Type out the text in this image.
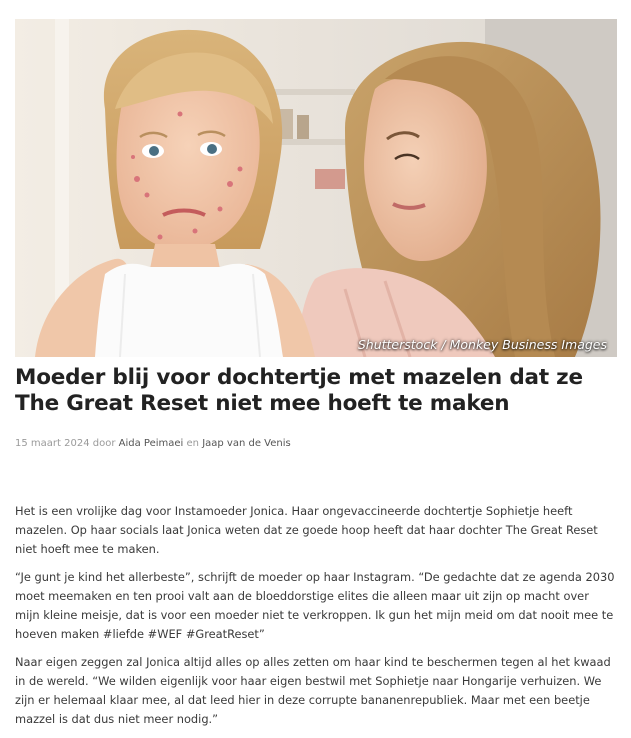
Shutterstock / Monkey Business Images
Moeder blij voor dochtertje met mazelen dat ze The Great Reset niet mee hoeft te maken
15 maart 2024 door Aida Peimaei en Jaap van de Venis

Het is een vrolijke dag voor Instamoeder Jonica. Haar ongevaccineerde dochtertje Sophietje heeft mazelen. Op haar socials laat Jonica weten dat ze goede hoop heeft dat haar dochter The Great Reset niet hoeft mee te maken.

“Je gunt je kind het allerbeste”, schrijft de moeder op haar Instagram. “De gedachte dat ze agenda 2030 moet meemaken en ten prooi valt aan de bloeddorstige elites die alleen maar uit zijn op macht over mijn kleine meisje, dat is voor een moeder niet te verkroppen. Ik gun het mijn meid om dat nooit mee te hoeven maken #liefde #WEF #GreatReset”

Naar eigen zeggen zal Jonica altijd alles op alles zetten om haar kind te beschermen tegen al het kwaad in de wereld. “We wilden eigenlijk voor haar eigen bestwil met Sophietje naar Hongarije verhuizen. We zijn er helemaal klaar mee, al dat leed hier in deze corrupte bananenrepubliek. Maar met een beetje mazzel is dat dus niet meer nodig.”
